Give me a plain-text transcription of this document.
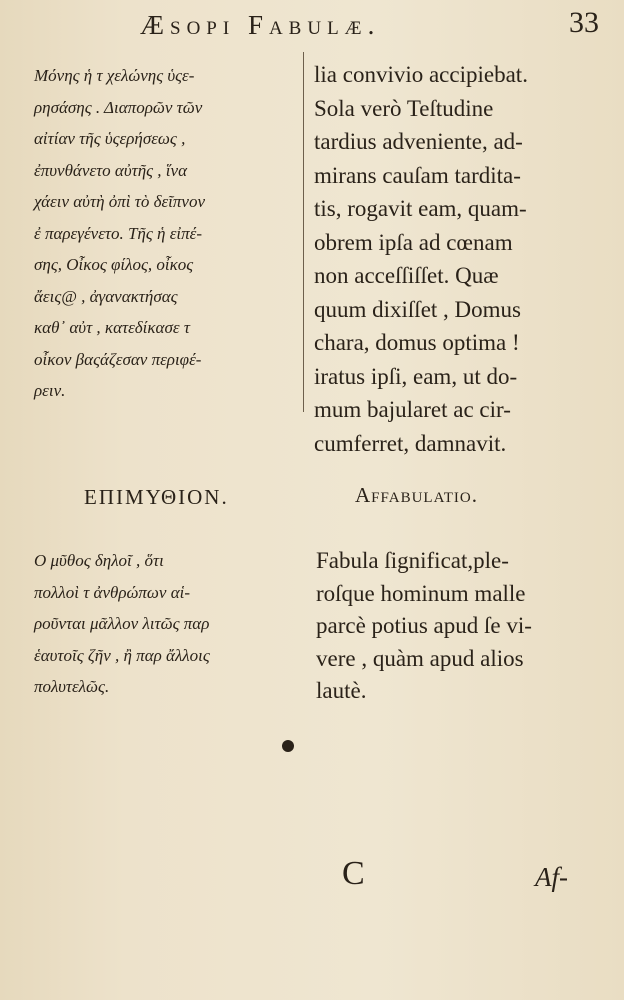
Æsopi Fabulæ.	33
Μόνης ἡ τ χελώνης ὑςε-
ρησάσης . Διαπορῶν τῶν
αἰτίαν τῆς ὑςερήσεως ,
ἐπυνθάνετο αὐτῆς , ἵνα
χάειν αὐτὴ ὀπὶ τὸ δεῖπνον
ἐ παρεγένετο. Τῆς ἡ εἰπέ-
σης, Οἶκος φίλος, οἶκος
ἄεις@ , ἀγανακτήσας
καθ᾽ αὐτ , κατεδίκασε τ
οἶκον βαςάζεσαν περιφέ-
ρειν.
lia convivio accipiebat.
Sola verò Teſtudine
tardius adveniente, ad-
mirans cauſam tardita-
tis, rogavit eam, quam-
obrem ipſa ad cœnam
non acceſſiſſet. Quæ
quum dixiſſet , Domus
chara, domus optima !
iratus ipſi, eam, ut do-
mum bajularet ac cir-
cumferret, damnavit.
ΕΠΙΜΥΘΙΟΝ.	Affabulatio.
Ο μῦθος δηλοῖ , ὅτι
πολλοὶ τ ἀνθρώπων αἱ-
ροῦνται μᾶλλον λιτῶς παρ
ἑαυτοῖς ζῆν , ἢ παρ ἄλλοις
πολυτελῶς.
Fabula ſignificat,ple-
roſque hominum malle
parcè potius apud ſe vi-
vere , quàm apud alios
lautè.
C	Af-
